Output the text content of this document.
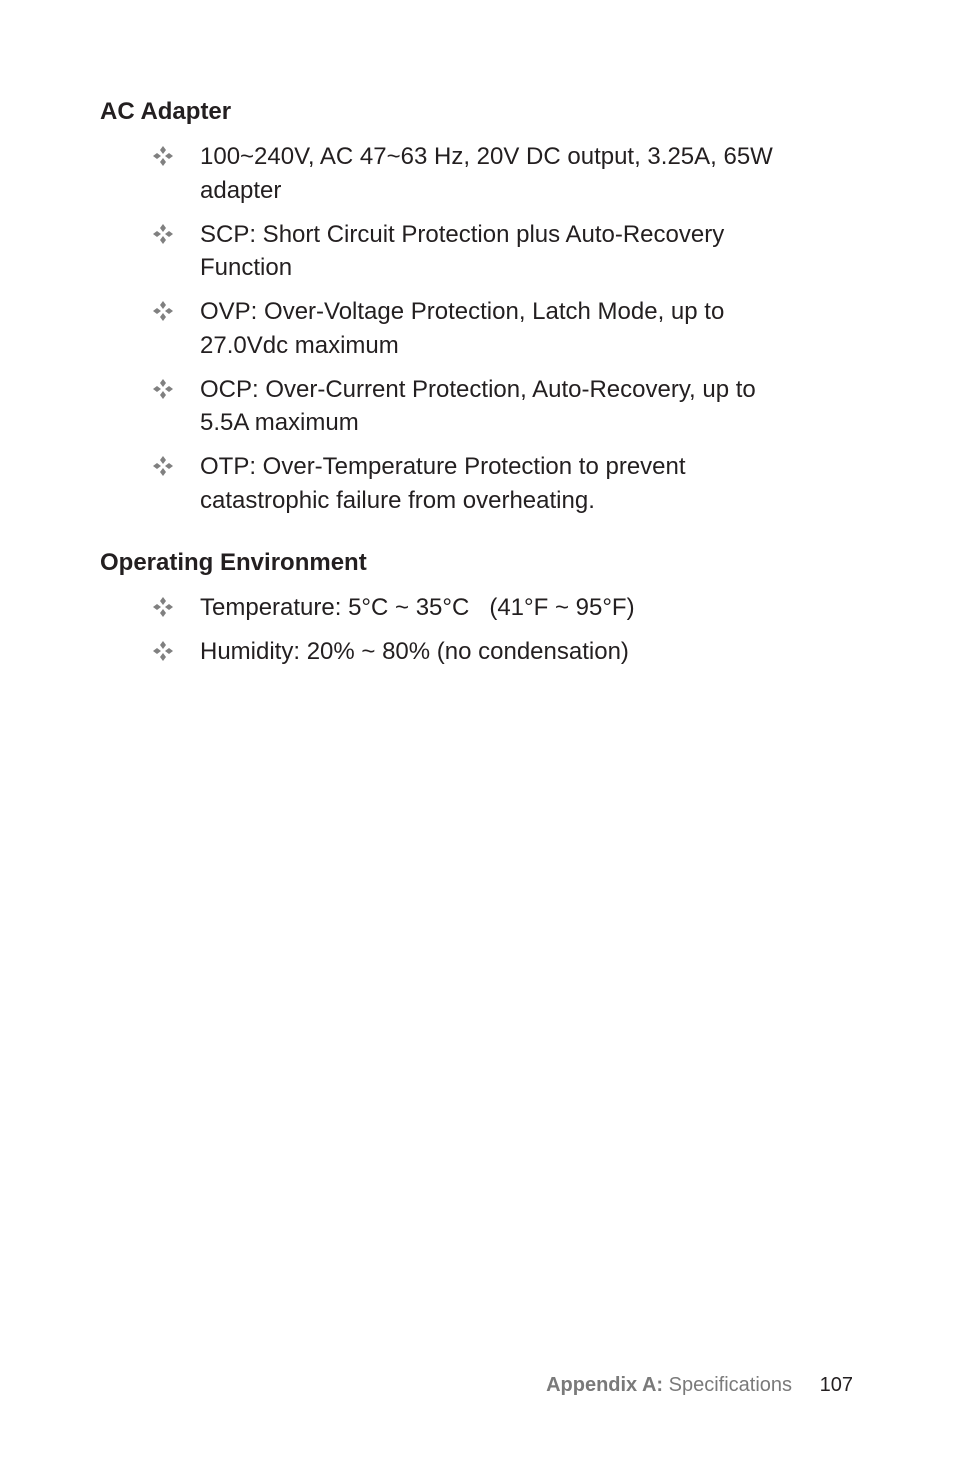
AC Adapter
100~240V, AC 47~63 Hz, 20V DC output, 3.25A, 65W
adapter
SCP: Short Circuit Protection plus Auto-Recovery
Function
OVP: Over-Voltage Protection, Latch Mode, up to
27.0Vdc maximum
OCP: Over-Current Protection, Auto-Recovery, up to
5.5A maximum
OTP: Over-Temperature Protection to prevent
catastrophic failure from overheating.
Operating Environment
Temperature: 5°C ~ 35°C   (41°F ~ 95°F)
Humidity: 20% ~ 80% (no condensation)
Appendix A: Specifications 107
